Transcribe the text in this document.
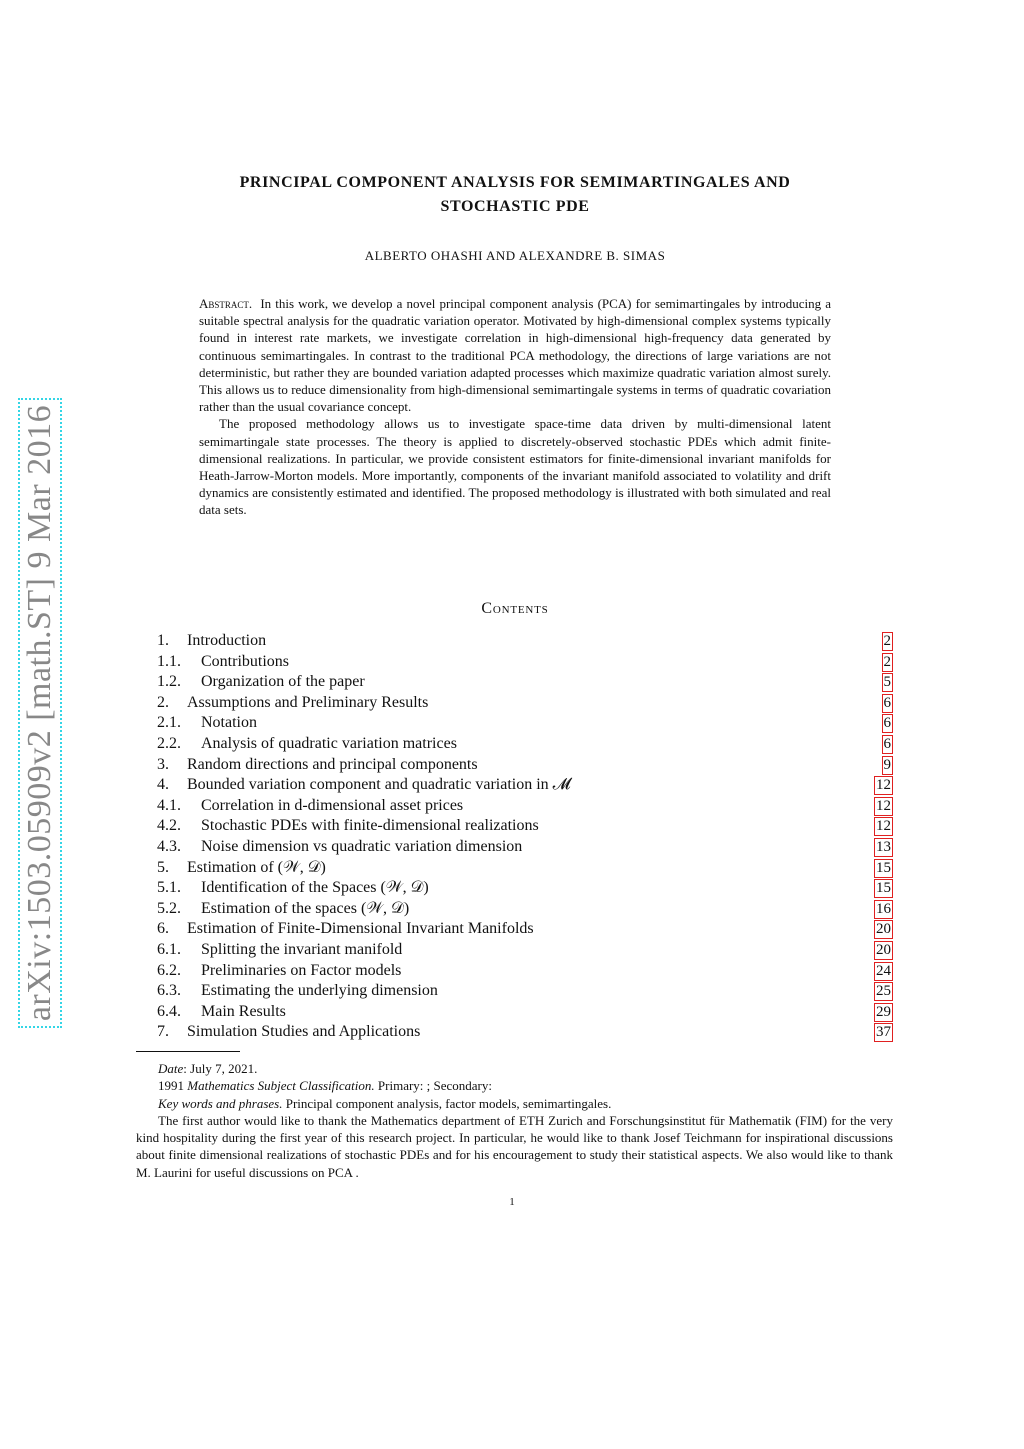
arXiv:1503.05909v2 [math.ST] 9 Mar 2016
PRINCIPAL COMPONENT ANALYSIS FOR SEMIMARTINGALES AND
STOCHASTIC PDE
ALBERTO OHASHI AND ALEXANDRE B. SIMAS

Abstract. In this work, we develop a novel principal component analysis (PCA) for semimartingales by introducing a suitable spectral analysis for the quadratic variation operator. Motivated by high-dimensional complex systems typically found in interest rate markets, we investigate correlation in high-dimensional high-frequency data generated by continuous semimartingales. In contrast to the traditional PCA methodology, the directions of large variations are not deterministic, but rather they are bounded variation adapted processes which maximize quadratic variation almost surely. This allows us to reduce dimensionality from high-dimensional semimartingale systems in terms of quadratic covariation rather than the usual covariance concept.

The proposed methodology allows us to investigate space-time data driven by multi-dimensional latent semimartingale state processes. The theory is applied to discretely-observed stochastic PDEs which admit finite-dimensional realizations. In particular, we provide consistent estimators for finite-dimensional invariant manifolds for Heath-Jarrow-Morton models. More importantly, components of the invariant manifold associated to volatility and drift dynamics are consistently estimated and identified. The proposed methodology is illustrated with both simulated and real data sets.

Contents
1.	Introduction	2
1.1. Contributions	2
1.2. Organization of the paper	5
2.	Assumptions and Preliminary Results	6
2.1. Notation	6
2.2. Analysis of quadratic variation matrices	6
3.	Random directions and principal components	9
4.	Bounded variation component and quadratic variation in 𝓜	12
4.1. Correlation in d-dimensional asset prices	12
4.2. Stochastic PDEs with finite-dimensional realizations	12
4.3. Noise dimension vs quadratic variation dimension	13
5.	Estimation of (𝒲, 𝒟)	15
5.1. Identification of the Spaces (𝒲, 𝒟)	15
5.2. Estimation of the spaces (𝒲, 𝒟)	16
6.	Estimation of Finite-Dimensional Invariant Manifolds	20
6.1. Splitting the invariant manifold	20
6.2. Preliminaries on Factor models	24
6.3. Estimating the underlying dimension	25
6.4. Main Results	29
7.	Simulation Studies and Applications	37

Date: July 7, 2021.

1991 Mathematics Subject Classification. Primary: ; Secondary:

Key words and phrases. Principal component analysis, factor models, semimartingales.

The first author would like to thank the Mathematics department of ETH Zurich and Forschungsinstitut für Mathematik (FIM) for the very kind hospitality during the first year of this research project. In particular, he would like to thank Josef Teichmann for inspirational discussions about finite dimensional realizations of stochastic PDEs and for his encouragement to study their statistical aspects. We also would like to thank M. Laurini for useful discussions on PCA .

1
